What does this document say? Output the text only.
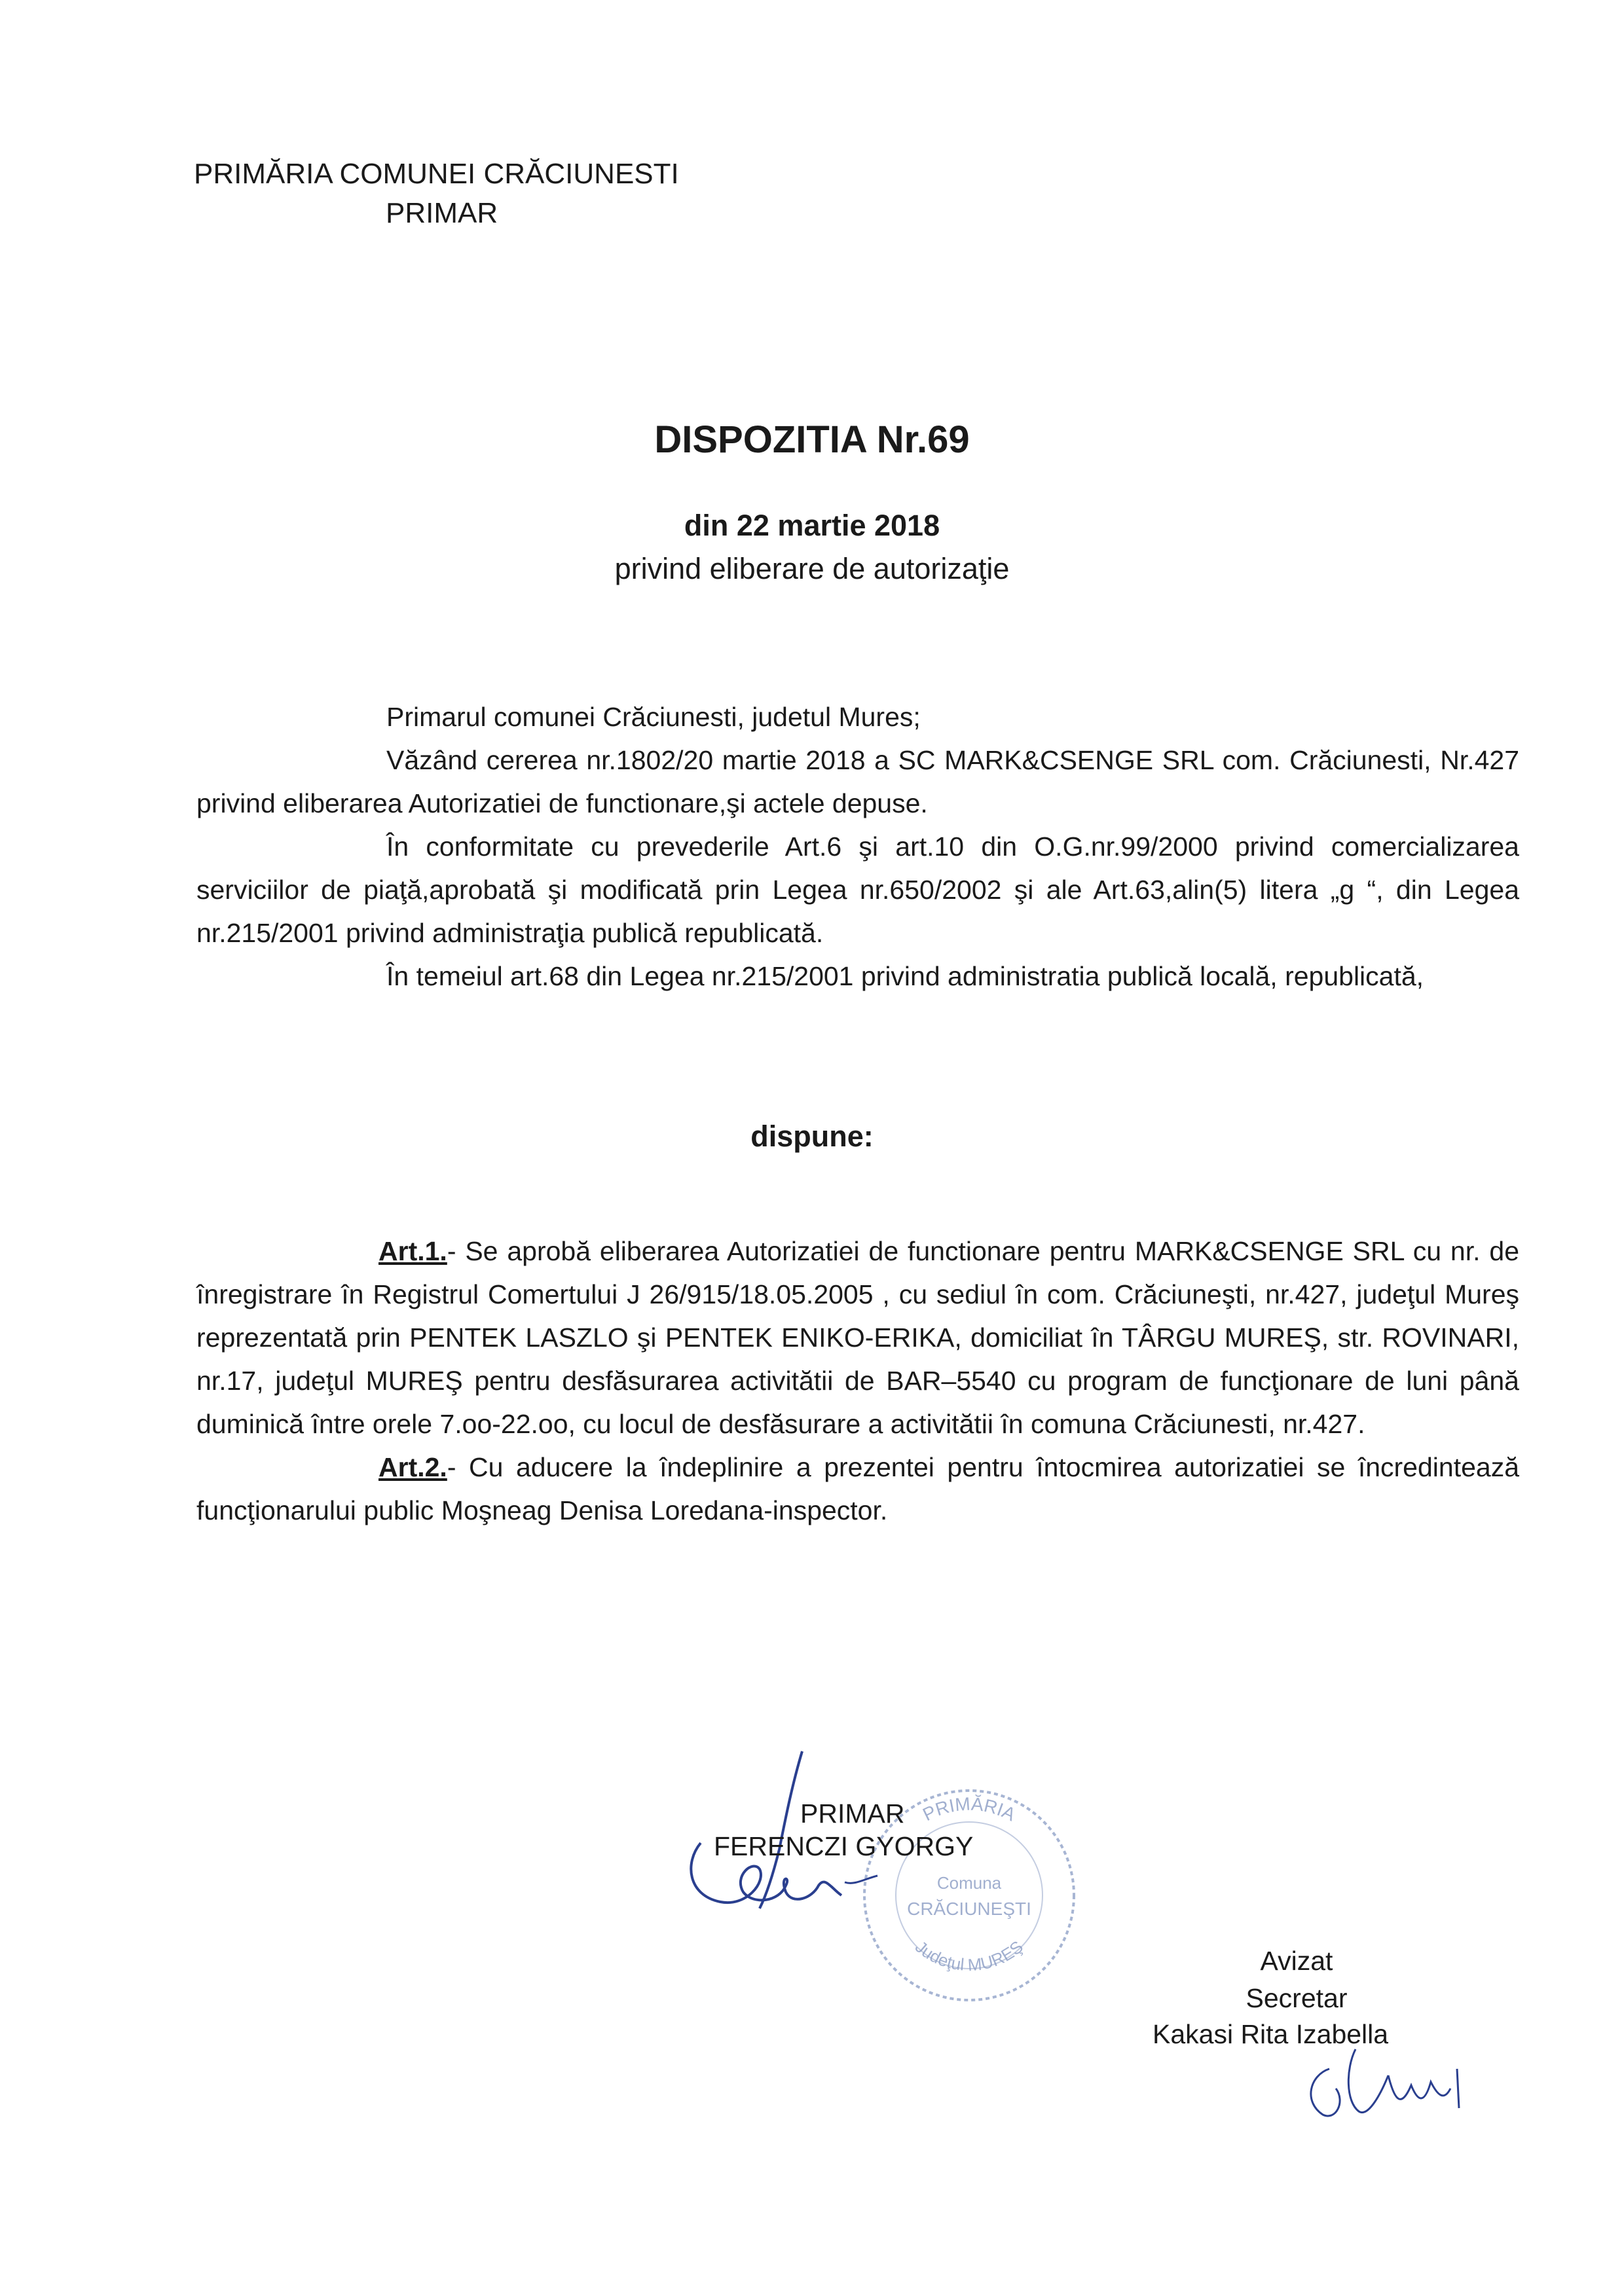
PRIMĂRIA COMUNEI CRĂCIUNESTI
PRIMAR
DISPOZITIA Nr.69
din 22 martie 2018
privind eliberare de autorizaţie

Primarul comunei Crăciunesti, judetul Mures;

Văzând cererea nr.1802/20 martie 2018 a SC MARK&CSENGE SRL com. Crăciunesti, Nr.427 privind eliberarea Autorizatiei de functionare,şi actele depuse.

În conformitate cu prevederile Art.6 şi art.10 din O.G.nr.99/2000 privind comercializarea serviciilor de piaţă,aprobată şi modificată prin Legea nr.650/2002 şi ale Art.63,alin(5) litera „g “, din Legea nr.215/2001 privind administraţia publică republicată.

În temeiul art.68 din Legea nr.215/2001 privind administratia publică locală, republicată,

dispune:

Art.1.- Se aprobă eliberarea Autorizatiei de functionare pentru MARK&CSENGE SRL cu nr. de înregistrare în Registrul Comertului J 26/915/18.05.2005 , cu sediul în com. Crăciuneşti, nr.427, judeţul Mureş reprezentată prin PENTEK LASZLO şi PENTEK ENIKO-ERIKA, domiciliat în TÂRGU MUREŞ, str. ROVINARI, nr.17, judeţul MUREŞ pentru desfăsurarea activitătii de BAR–5540 cu program de funcţionare de luni până duminică între orele 7.oo-22.oo, cu locul de desfăsurare a activitătii în comuna Crăciunesti, nr.427.

Art.2.- Cu aducere la îndeplinire a prezentei pentru întocmirea autorizatiei se încredintează funcţionarului public Moşneag Denisa Loredana-inspector.

PRIMĂRIA
Comuna
CRĂCIUNEŞTI
Judeţul MUREŞ
PRIMAR
FERENCZI GYORGY
Avizat
Secretar
Kakasi Rita Izabella
